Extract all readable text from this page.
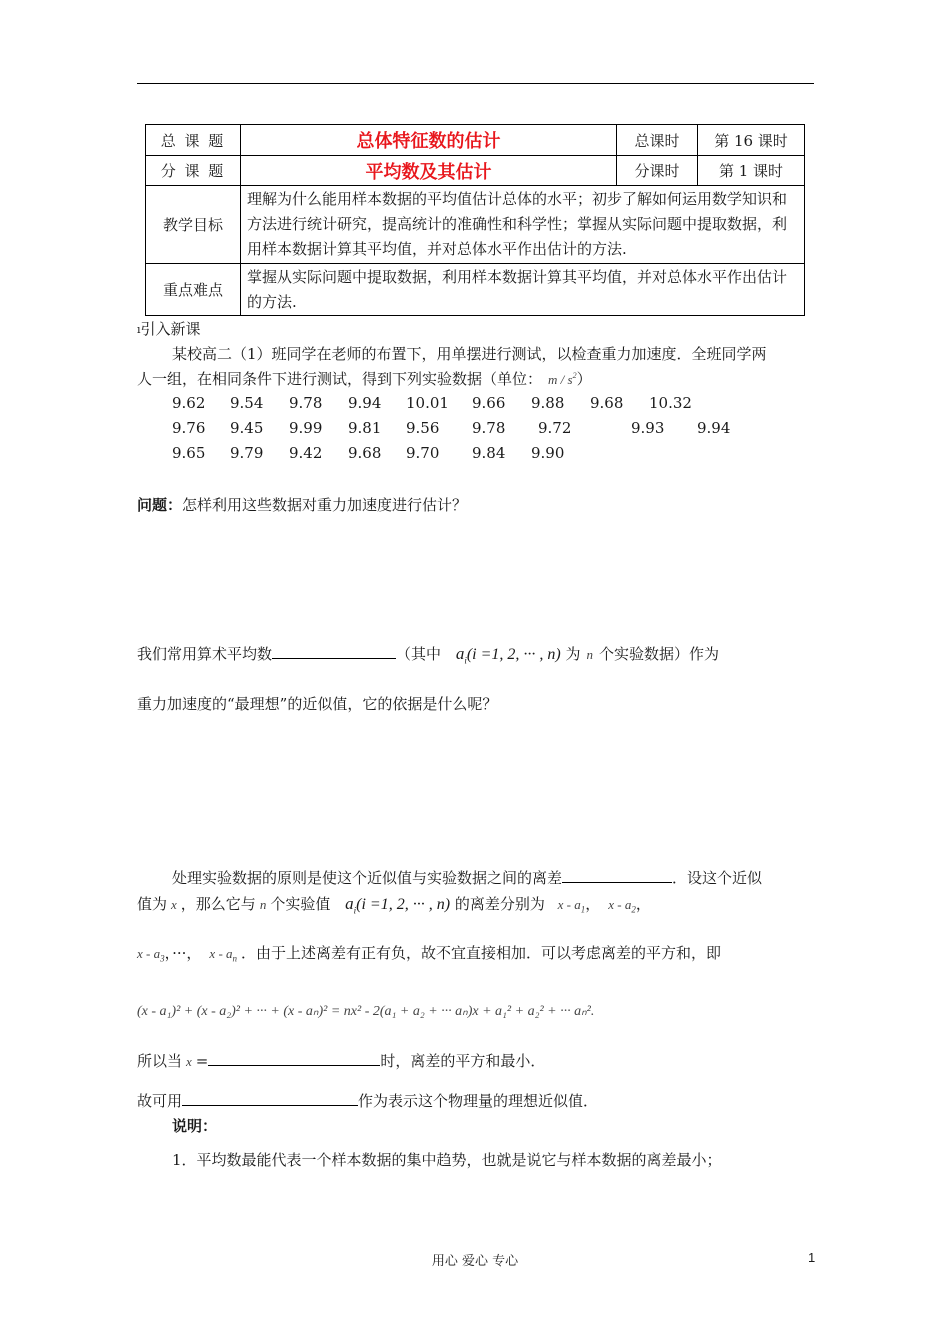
总 课 题	总体特征数的估计	总课时	第 16 课时
分 课 题	平均数及其估计	分课时	第 1 课时
教学目标	理解为什么能用样本数据的平均值估计总体的水平；初步了解如何运用数学知识和方法进行统计研究，提高统计的准确性和科学性；掌握从实际问题中提取数据，利用样本数据计算其平均值，并对总体水平作出估计的方法.		
重点难点	掌握从实际问题中提取数据，利用样本数据计算其平均值，并对总体水平作出估计的方法.		
ı引入新课
某校高二（1）班同学在老师的布置下，用单摆进行测试，以检查重力加速度．全班同学两
人一组，在相同条件下进行测试，得到下列实验数据（单位： m / $s^2$）
9.62 9.54 9.78 9.94 10.01 9.66 9.88 9.68 10.32
9.76 9.45 9.99 9.81 9.56 9.78 9.72	9.93 9.94
9.65 9.79 9.42 9.68 9.70 9.84 9.90
问题：怎样利用这些数据对重力加速度进行估计？
我们常用算术平均数	（其中 $a_i(i =1$, 2, ··· , n) 为 n 个实验数据）作为
重力加速度的“最理想”的近似值，它的依据是什么呢？
处理实验数据的原则是使这个近似值与实验数据之间的离差	．设这个近似
值为 x ，那么它与 n 个实验值 $a_i(i =1$, 2, ··· , n) 的离差分别为 x - $a_1$， x - $a_2$，
x - $a_3$，···， x - $a_n$ ．由于上述离差有正有负，故不宜直接相加．可以考虑离差的平方和，即
(x - a₁)² + (x - a₂)² + ··· + (x - aₙ)² = nx² - 2(a₁ + a₂ + ··· aₙ)x + a₁² + a₂² + ··· aₙ².
所以当 x =	时，离差的平方和最小．
故可用	作为表示这个物理量的理想近似值．
说明：
1．平均数最能代表一个样本数据的集中趋势，也就是说它与样本数据的离差最小；
用心 爱心 专心	1
